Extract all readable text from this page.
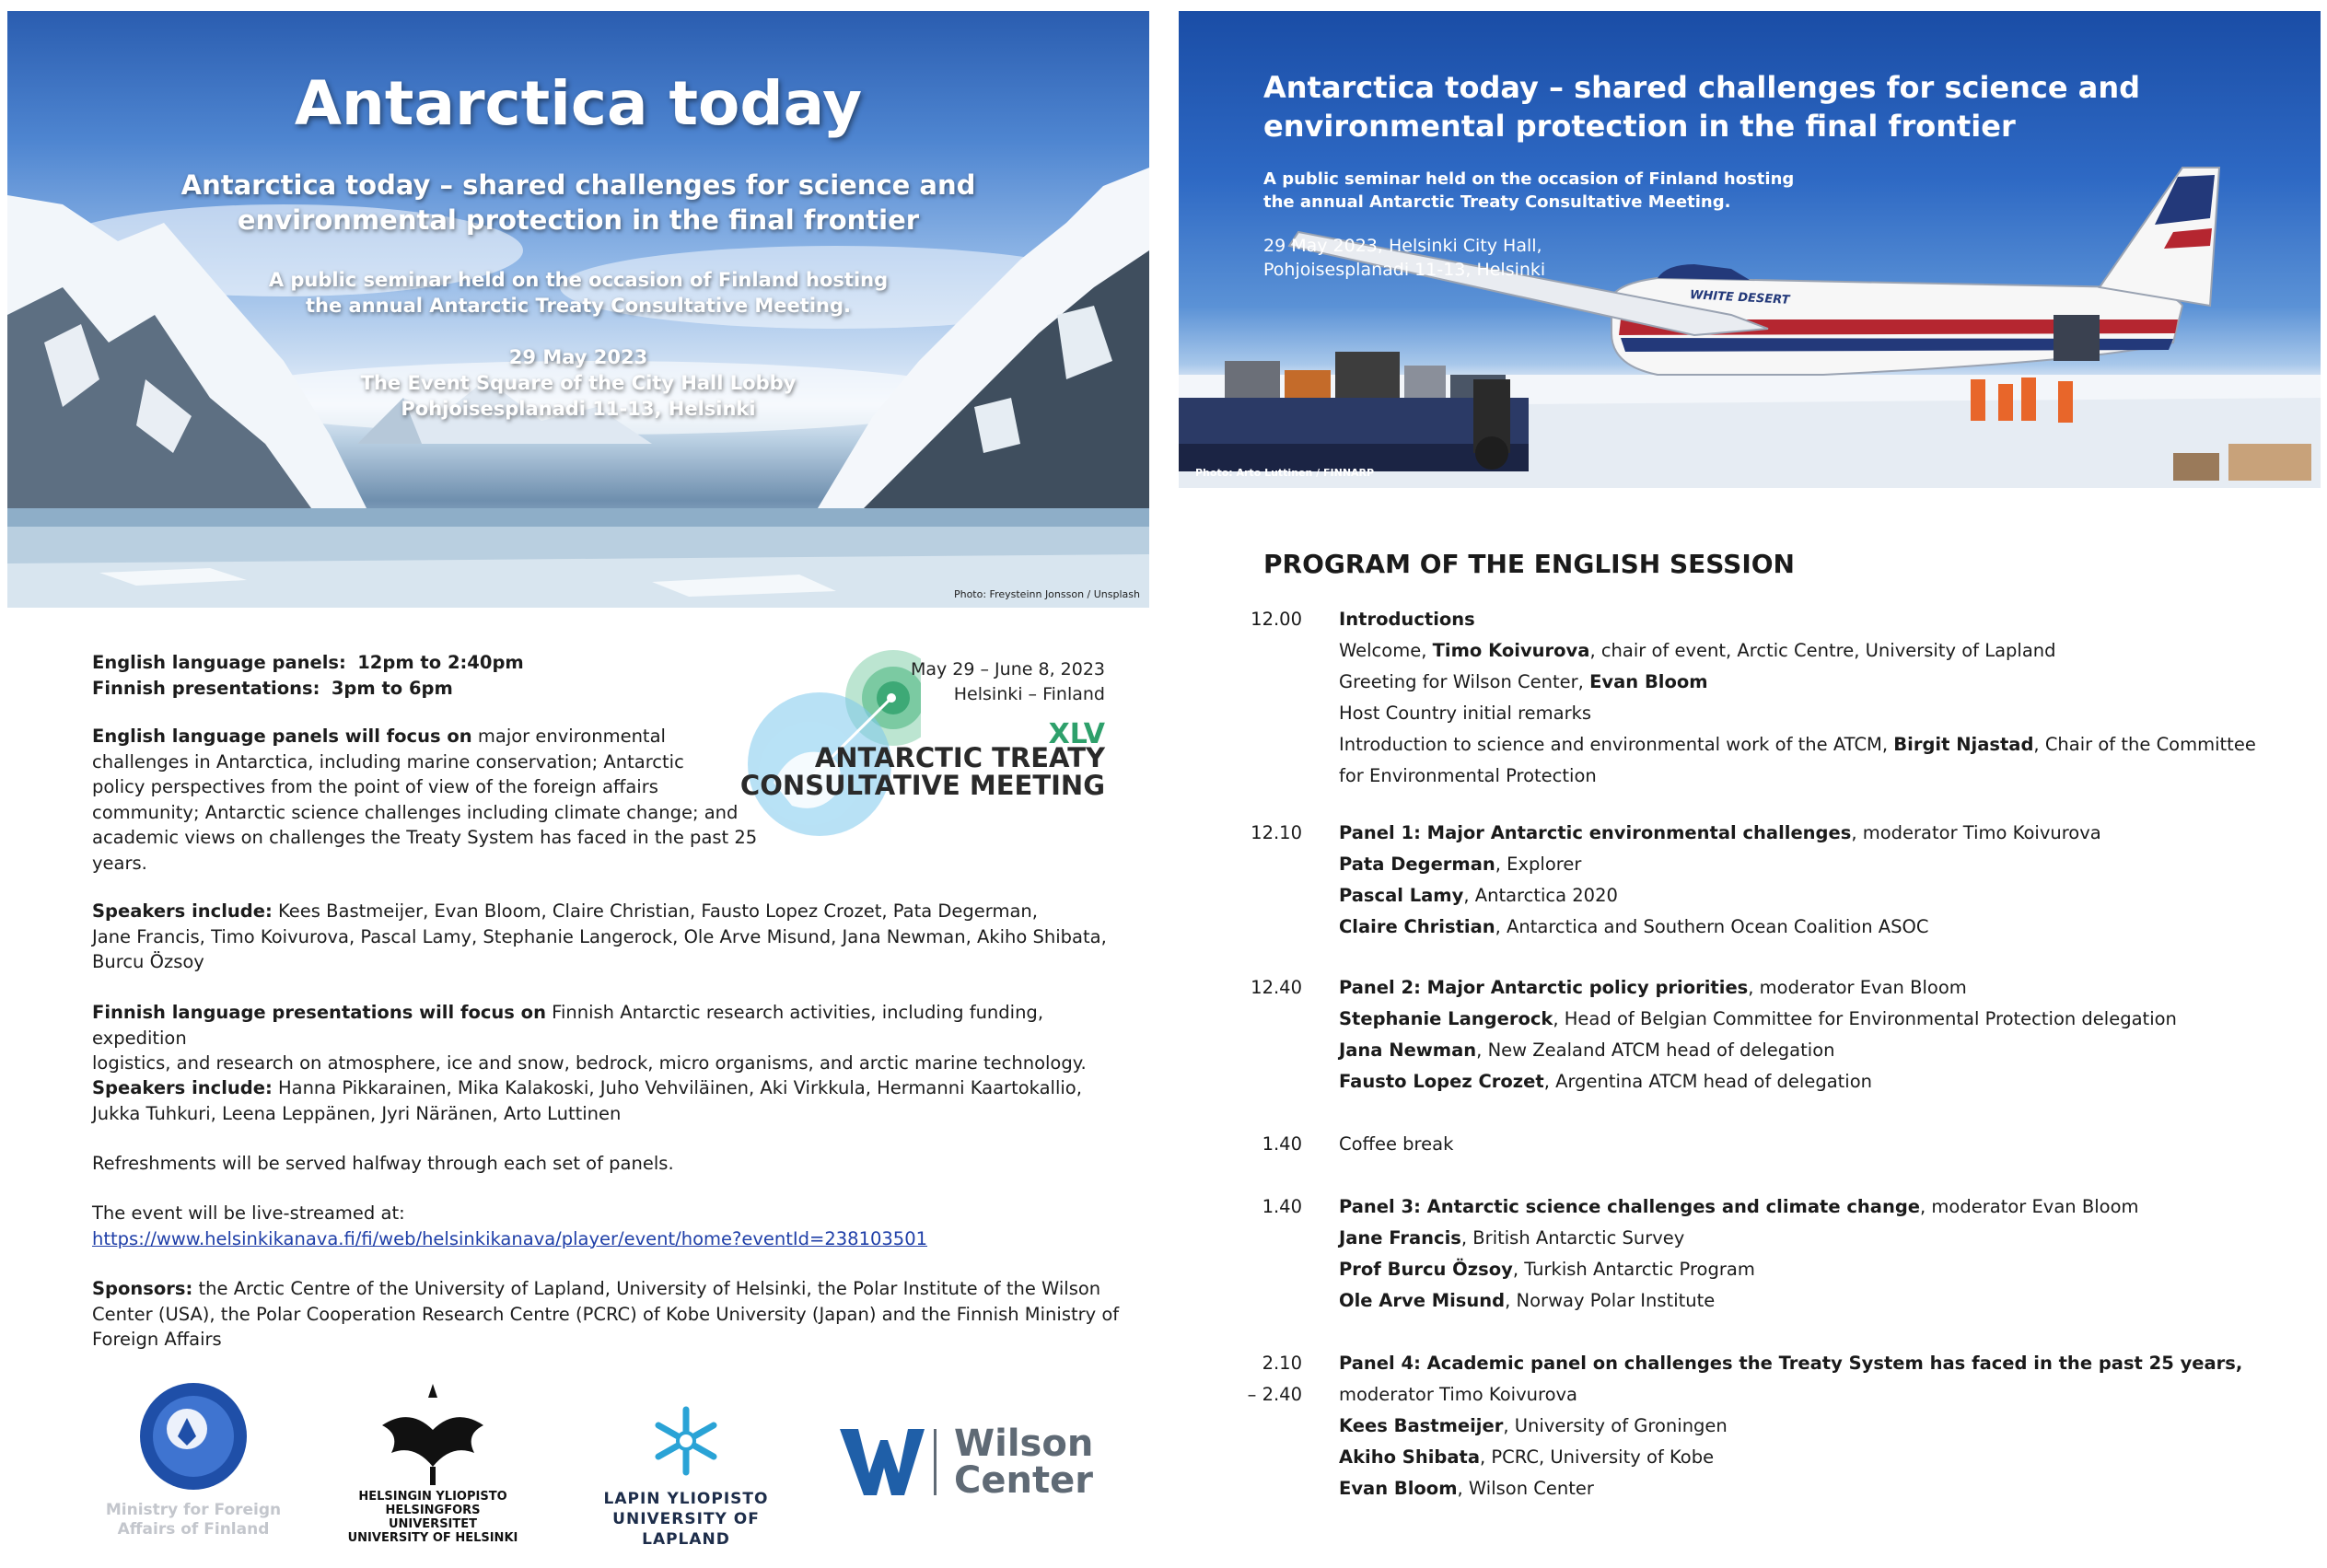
Antarctica today
Antarctica today – shared challenges for science and
environmental protection in the final frontier
A public seminar held on the occasion of Finland hosting
the annual Antarctic Treaty Consultative Meeting.
29 May 2023
The Event Square of the City Hall Lobby
Pohjoisesplanadi 11-13, Helsinki
Photo: Freysteinn Jonsson / Unsplash
May 29 – June 8, 2023
Helsinki – Finland
XLV
ANTARCTIC TREATY
CONSULTATIVE MEETING
English language panels: 12pm to 2:40pm
Finnish presentations: 3pm to 6pm
English language panels will focus on major environmental
challenges in Antarctica, including marine conservation; Antarctic
policy perspectives from the point of view of the foreign affairs
community; Antarctic science challenges including climate change; and
academic views on challenges the Treaty System has faced in the past 25
years.
Speakers include: Kees Bastmeijer, Evan Bloom, Claire Christian, Fausto Lopez Crozet, Pata Degerman,
Jane Francis, Timo Koivurova, Pascal Lamy, Stephanie Langerock, Ole Arve Misund, Jana Newman, Akiho Shibata,
Burcu Özsoy
Finnish language presentations will focus on Finnish Antarctic research activities, including funding, expedition
logistics, and research on atmosphere, ice and snow, bedrock, micro organisms, and arctic marine technology.
Speakers include: Hanna Pikkarainen, Mika Kalakoski, Juho Vehviläinen, Aki Virkkula, Hermanni Kaartokallio,
Jukka Tuhkuri, Leena Leppänen, Jyri Näränen, Arto Luttinen
Refreshments will be served halfway through each set of panels.
The event will be live-streamed at:
https://www.helsinkikanava.fi/fi/web/helsinkikanava/player/event/home?eventId=238103501
Sponsors: the Arctic Centre of the University of Lapland, University of Helsinki, the Polar Institute of the Wilson
Center (USA), the Polar Cooperation Research Centre (PCRC) of Kobe University (Japan) and the Finnish Ministry of
Foreign Affairs
Ministry for Foreign
Affairs of Finland
HELSINGIN YLIOPISTO
HELSINGFORS UNIVERSITET
UNIVERSITY OF HELSINKI
LAPIN YLIOPISTO
UNIVERSITY OF LAPLAND
Wilson
Center
Antarctica today – shared challenges for science and
environmental protection in the final frontier
A public seminar held on the occasion of Finland hosting
the annual Antarctic Treaty Consultative Meeting.
29 May 2023, Helsinki City Hall,
Pohjoisesplanadi 11-13, Helsinki
WHITE DESERT
Photo: Arto Luttinen / FINNARP
PROGRAM OF THE ENGLISH SESSION
12.00 Introductions
Welcome, Timo Koivurova, chair of event, Arctic Centre, University of Lapland
Greeting for Wilson Center, Evan Bloom
Host Country initial remarks
Introduction to science and environmental work of the ATCM, Birgit Njastad, Chair of the Committee
for Environmental Protection
12.10 Panel 1: Major Antarctic environmental challenges, moderator Timo Koivurova
Pata Degerman, Explorer
Pascal Lamy, Antarctica 2020
Claire Christian, Antarctica and Southern Ocean Coalition ASOC
12.40 Panel 2: Major Antarctic policy priorities, moderator Evan Bloom
Stephanie Langerock, Head of Belgian Committee for Environmental Protection delegation
Jana Newman, New Zealand ATCM head of delegation
Fausto Lopez Crozet, Argentina ATCM head of delegation
1.40 Coffee break
1.40 Panel 3: Antarctic science challenges and climate change, moderator Evan Bloom
Jane Francis, British Antarctic Survey
Prof Burcu Özsoy, Turkish Antarctic Program
Ole Arve Misund, Norway Polar Institute
2.10
– 2.40
Panel 4: Academic panel on challenges the Treaty System has faced in the past 25 years,
moderator Timo Koivurova
Kees Bastmeijer, University of Groningen
Akiho Shibata, PCRC, University of Kobe
Evan Bloom, Wilson Center
